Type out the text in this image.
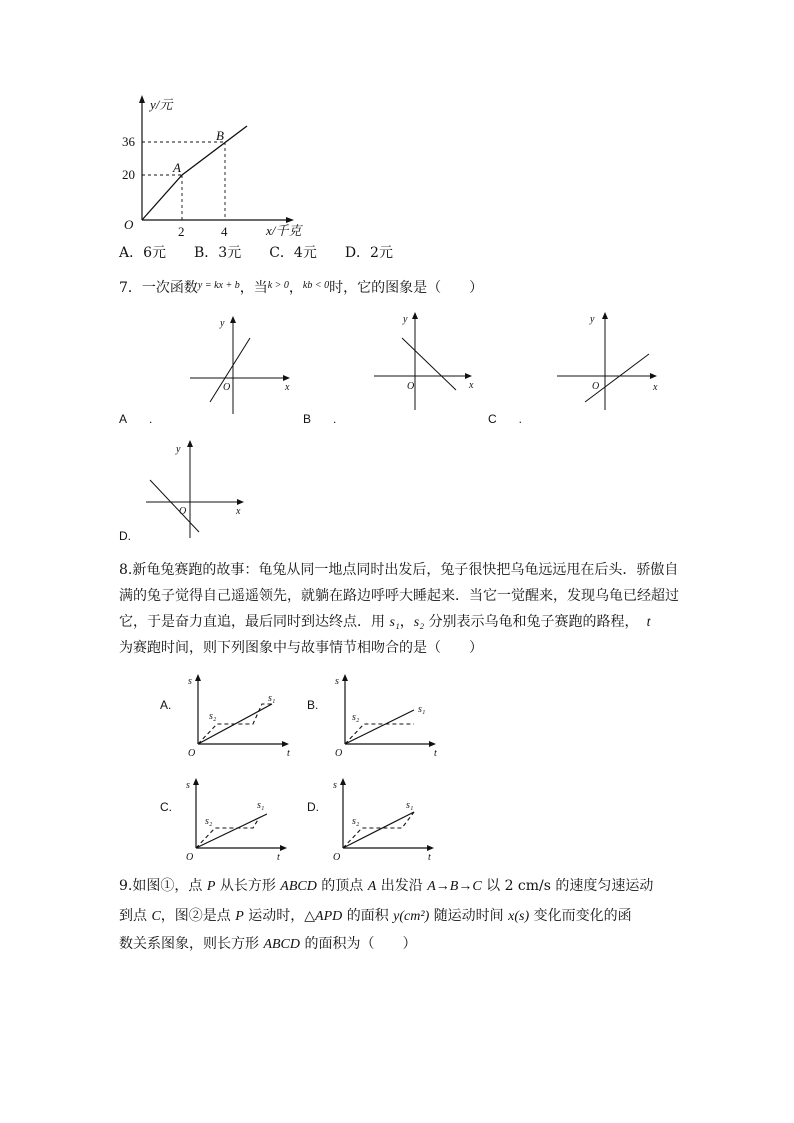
y/元
x/千克
O
36
20
2	4
A
B
A．6元　　B．3元　　C．4元　　D．2元
7．一次函数$^{y = kx + b}$，当$^{k > 0}$，$^{kb < 0}$时，它的图象是（　　）
y
x
O
y
x
O
y
x
O
A .	B .	C .
y
x
O
D.
8.新龟兔赛跑的故事：龟兔从同一地点同时出发后，兔子很快把乌龟远远甩在后头．骄傲自
满的兔子觉得自己遥遥领先，就躺在路边呼呼大睡起来．当它一觉醒来，发现乌龟已经超过
它，于是奋力直追，最后同时到达终点．用 s₁，s₂ 分别表示乌龟和兔子赛跑的路程， t
为赛跑时间，则下列图象中与故事情节相吻合的是（　　）
s
t
O
s₁
s₂
A.
s
t
O
s₁
s₂
B.
s
t
O
s₁
s₂
C.
s
t
O
s₁
s₂
D.
9.如图①，点 P 从长方形 ABCD 的顶点 A 出发沿 A→B→C 以 2 cm/s 的速度匀速运动
到点 C，图②是点 P 运动时，△APD 的面积 y(cm²) 随运动时间 x(s) 变化而变化的函
数关系图象，则长方形 ABCD 的面积为（　　）
